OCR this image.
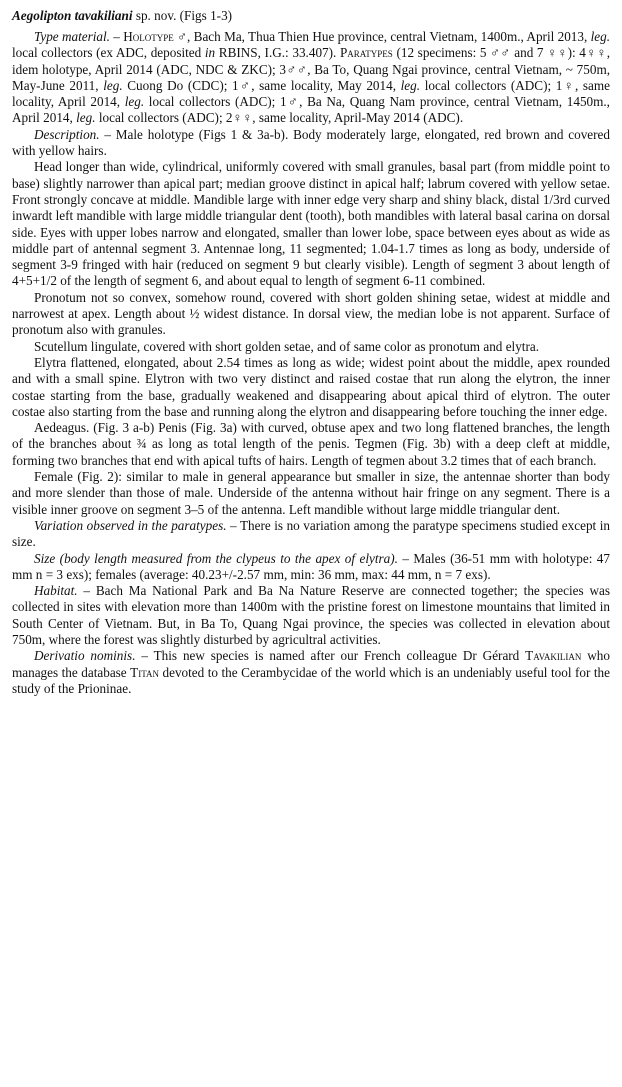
Aegolipton tavakiliani sp. nov. (Figs 1-3)

Type material. – Holotype ♂, Bach Ma, Thua Thien Hue province, central Vietnam, 1400m., April 2013, leg. local collectors (ex ADC, deposited in RBINS, I.G.: 33.407). Paratypes (12 specimens: 5 ♂♂ and 7 ♀♀): 4♀♀, idem holotype, April 2014 (ADC, NDC & ZKC); 3♂♂, Ba To, Quang Ngai province, central Vietnam, ~ 750m, May-June 2011, leg. Cuong Do (CDC); 1♂, same locality, May 2014, leg. local collectors (ADC); 1♀, same locality, April 2014, leg. local collectors (ADC); 1♂, Ba Na, Quang Nam province, central Vietnam, 1450m., April 2014, leg. local collectors (ADC); 2♀♀, same locality, April-May 2014 (ADC).

Description. – Male holotype (Figs 1 & 3a-b). Body moderately large, elongated, red brown and covered with yellow hairs.

Head longer than wide, cylindrical, uniformly covered with small granules, basal part (from middle point to base) slightly narrower than apical part; median groove distinct in apical half; labrum covered with yellow setae. Front strongly concave at middle. Mandible large with inner edge very sharp and shiny black, distal 1/3rd curved inwardt left mandible with large middle triangular dent (tooth), both mandibles with lateral basal carina on dorsal side. Eyes with upper lobes narrow and elongated, smaller than lower lobe, space between eyes about as wide as middle part of antennal segment 3. Antennae long, 11 segmented; 1.04-1.7 times as long as body, underside of segment 3-9 fringed with hair (reduced on segment 9 but clearly visible). Length of segment 3 about length of 4+5+1/2 of the length of segment 6, and about equal to length of segment 6-11 combined.

Pronotum not so convex, somehow round, covered with short golden shining setae, widest at middle and narrowest at apex. Length about ½ widest distance. In dorsal view, the median lobe is not apparent. Surface of pronotum also with granules.

Scutellum lingulate, covered with short golden setae, and of same color as pronotum and elytra.

Elytra flattened, elongated, about 2.54 times as long as wide; widest point about the middle, apex rounded and with a small spine. Elytron with two very distinct and raised costae that run along the elytron, the inner costae starting from the base, gradually weakened and disappearing about apical third of elytron. The outer costae also starting from the base and running along the elytron and disappearing before touching the inner edge.

Aedeagus. (Fig. 3 a-b) Penis (Fig. 3a) with curved, obtuse apex and two long flattened branches, the length of the branches about ¾ as long as total length of the penis. Tegmen (Fig. 3b) with a deep cleft at middle, forming two branches that end with apical tufts of hairs. Length of tegmen about 3.2 times that of each branch.

Female (Fig. 2): similar to male in general appearance but smaller in size, the antennae shorter than body and more slender than those of male. Underside of the antenna without hair fringe on any segment. There is a visible inner groove on segment 3–5 of the antenna. Left mandible without large middle triangular dent.

Variation observed in the paratypes. – There is no variation among the paratype specimens studied except in size.

Size (body length measured from the clypeus to the apex of elytra). – Males (36-51 mm with holotype: 47 mm n = 3 exs); females (average: 40.23+/-2.57 mm, min: 36 mm, max: 44 mm, n = 7 exs).

Habitat. – Bach Ma National Park and Ba Na Nature Reserve are connected together; the species was collected in sites with elevation more than 1400m with the pristine forest on limestone mountains that limited in South Center of Vietnam. But, in Ba To, Quang Ngai province, the species was collected in elevation about 750m, where the forest was slightly disturbed by agricultral activities.

Derivatio nominis. – This new species is named after our French colleague Dr Gérard Tavakilian who manages the database Titan devoted to the Cerambycidae of the world which is an undeniably useful tool for the study of the Prioninae.
